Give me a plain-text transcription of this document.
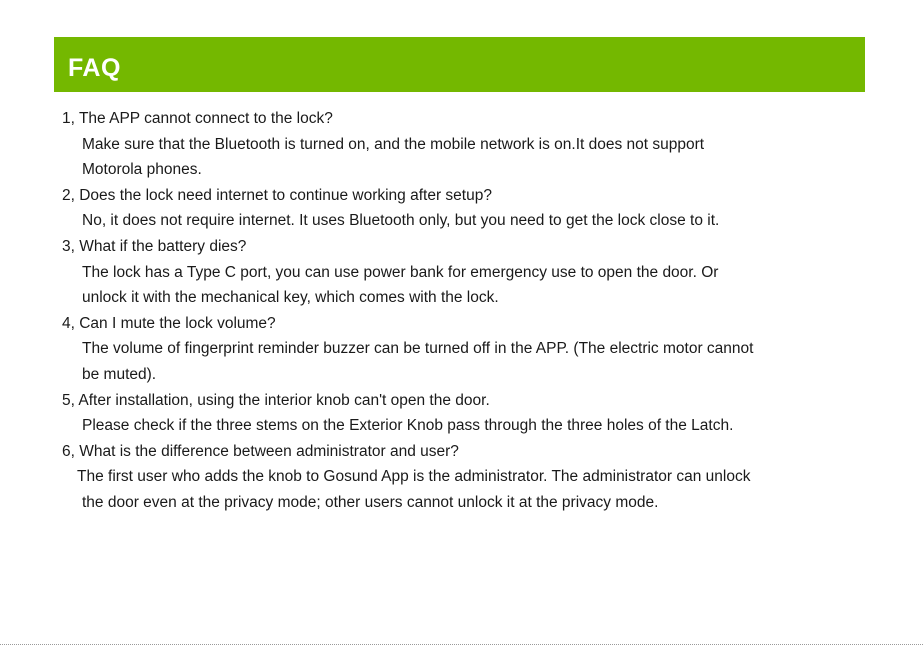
FAQ
1, The APP cannot connect to the lock?
Make sure that the Bluetooth is turned on, and the mobile network is on.It does not support
Motorola phones.
2, Does the lock need internet to continue working after setup?
No, it does not require internet. It uses Bluetooth only, but you need to get the lock close to it.
3, What if the battery dies?
The lock has a Type C port, you can use power bank for emergency use to open the door. Or
unlock it with the mechanical key, which comes with the lock.
4, Can I mute the lock volume?
The volume of fingerprint reminder buzzer can be turned off in the APP. (The electric motor cannot
be muted).
5, After installation, using the interior knob can't open the door.
Please check if the three stems on the Exterior Knob pass through the three holes of the Latch.
6, What is the difference between administrator and user?
The first user who adds the knob to Gosund App is the administrator. The administrator can unlock
the door even at the privacy mode; other users cannot unlock it at the privacy mode.
